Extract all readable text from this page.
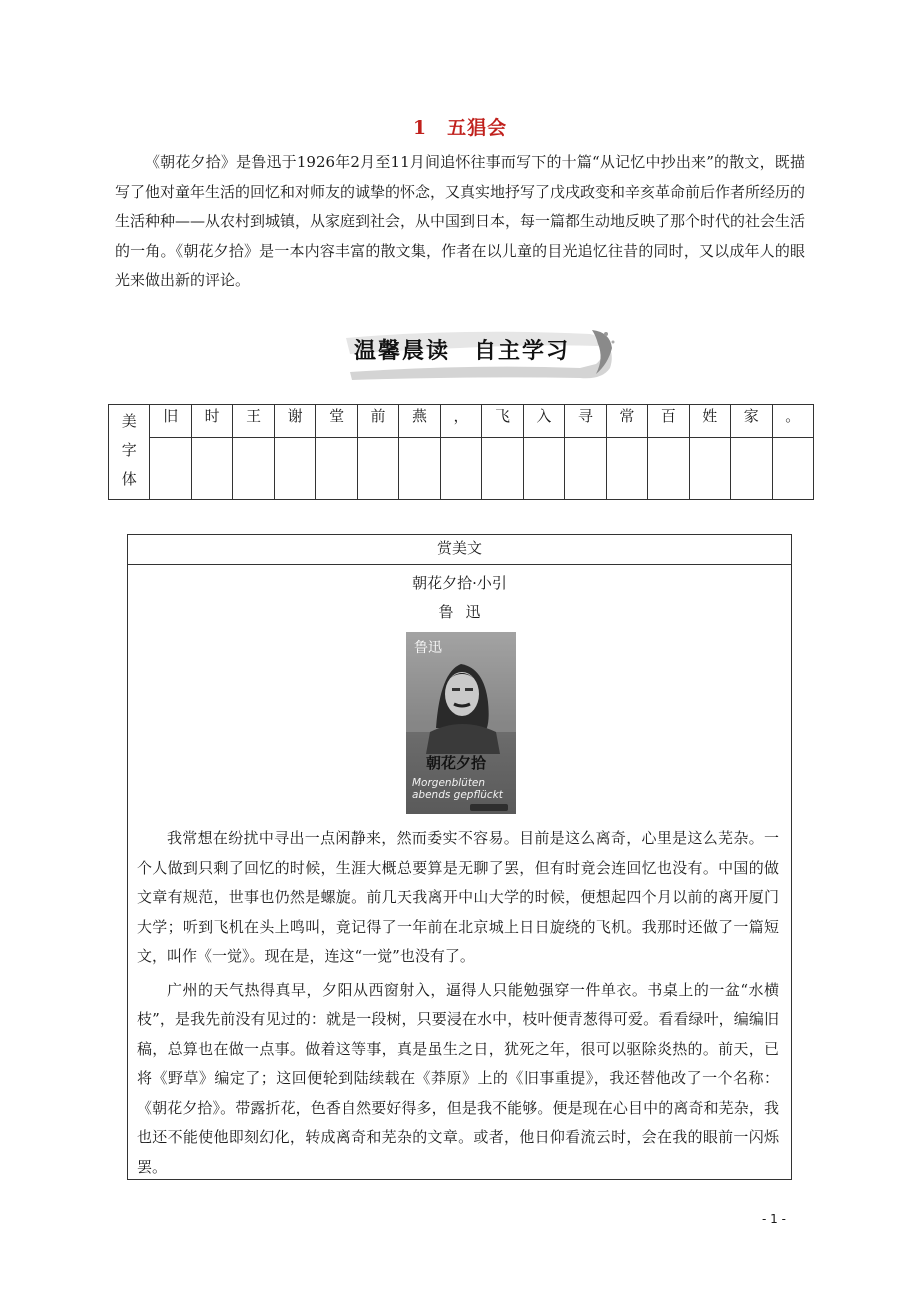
1　五猖会

《朝花夕拾》是鲁迅于1926年2月至11月间追怀往事而写下的十篇“从记忆中抄出来”的散文，既描写了他对童年生活的回忆和对师友的诚挚的怀念，又真实地抒写了戊戌政变和辛亥革命前后作者所经历的生活种种——从农村到城镇，从家庭到社会，从中国到日本，每一篇都生动地反映了那个时代的社会生活的一角。《朝花夕拾》是一本内容丰富的散文集，作者在以儿童的目光追忆往昔的同时，又以成年人的眼光来做出新的评论。

温馨晨读　自主学习
美
字
体	旧	时	王	谢	堂	前	燕	，	飞	入	寻	常	百	姓	家	。

赏美文
朝花夕拾·小引
鲁迅
鲁迅
朝花夕拾
Morgenblüten
abends gepflückt

我常想在纷扰中寻出一点闲静来，然而委实不容易。目前是这么离奇，心里是这么芜杂。一个人做到只剩了回忆的时候，生涯大概总要算是无聊了罢，但有时竟会连回忆也没有。中国的做文章有规范，世事也仍然是螺旋。前几天我离开中山大学的时候，便想起四个月以前的离开厦门大学；听到飞机在头上鸣叫，竟记得了一年前在北京城上日日旋绕的飞机。我那时还做了一篇短文，叫作《一觉》。现在是，连这“一觉”也没有了。

广州的天气热得真早，夕阳从西窗射入，逼得人只能勉强穿一件单衣。书桌上的一盆“水横枝”，是我先前没有见过的：就是一段树，只要浸在水中，枝叶便青葱得可爱。看看绿叶，编编旧稿，总算也在做一点事。做着这等事，真是虽生之日，犹死之年，很可以驱除炎热的。前天，已将《野草》编定了；这回便轮到陆续载在《莽原》上的《旧事重提》，我还替他改了一个名称：《朝花夕拾》。带露折花，色香自然要好得多，但是我不能够。便是现在心目中的离奇和芜杂，我也还不能使他即刻幻化，转成离奇和芜杂的文章。或者，他日仰看流云时，会在我的眼前一闪烁罢。

- 1 -
